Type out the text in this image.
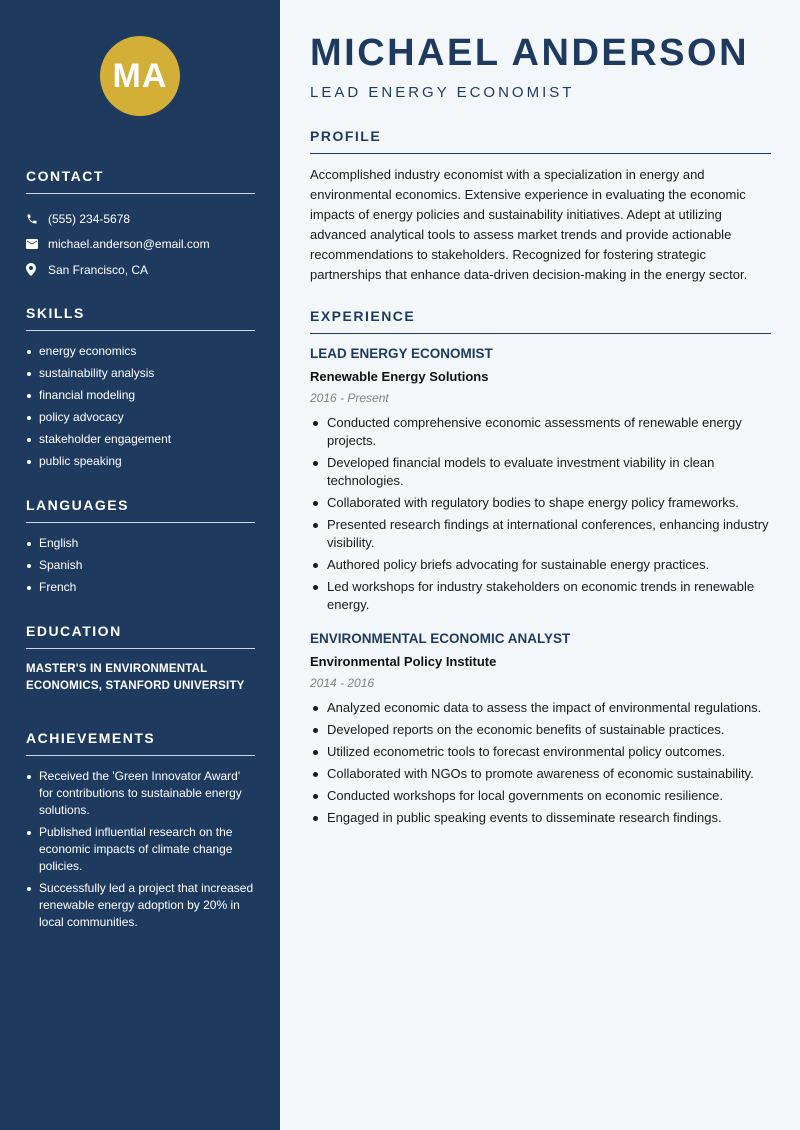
MA
CONTACT
(555) 234-5678
michael.anderson@email.com
San Francisco, CA
SKILLS
energy economics
sustainability analysis
financial modeling
policy advocacy
stakeholder engagement
public speaking
LANGUAGES
English
Spanish
French
EDUCATION

MASTER'S IN ENVIRONMENTAL ECONOMICS, STANFORD UNIVERSITY

ACHIEVEMENTS
Received the 'Green Innovator Award' for contributions to sustainable energy solutions.
Published influential research on the economic impacts of climate change policies.
Successfully led a project that increased renewable energy adoption by 20% in local communities.
MICHAEL ANDERSON
LEAD ENERGY ECONOMIST
PROFILE

Accomplished industry economist with a specialization in energy and environmental economics. Extensive experience in evaluating the economic impacts of energy policies and sustainability initiatives. Adept at utilizing advanced analytical tools to assess market trends and provide actionable recommendations to stakeholders. Recognized for fostering strategic partnerships that enhance data-driven decision-making in the energy sector.

EXPERIENCE
LEAD ENERGY ECONOMIST
Renewable Energy Solutions
2016 - Present
Conducted comprehensive economic assessments of renewable energy projects.
Developed financial models to evaluate investment viability in clean technologies.
Collaborated with regulatory bodies to shape energy policy frameworks.
Presented research findings at international conferences, enhancing industry visibility.
Authored policy briefs advocating for sustainable energy practices.
Led workshops for industry stakeholders on economic trends in renewable energy.
ENVIRONMENTAL ECONOMIC ANALYST
Environmental Policy Institute
2014 - 2016
Analyzed economic data to assess the impact of environmental regulations.
Developed reports on the economic benefits of sustainable practices.
Utilized econometric tools to forecast environmental policy outcomes.
Collaborated with NGOs to promote awareness of economic sustainability.
Conducted workshops for local governments on economic resilience.
Engaged in public speaking events to disseminate research findings.
